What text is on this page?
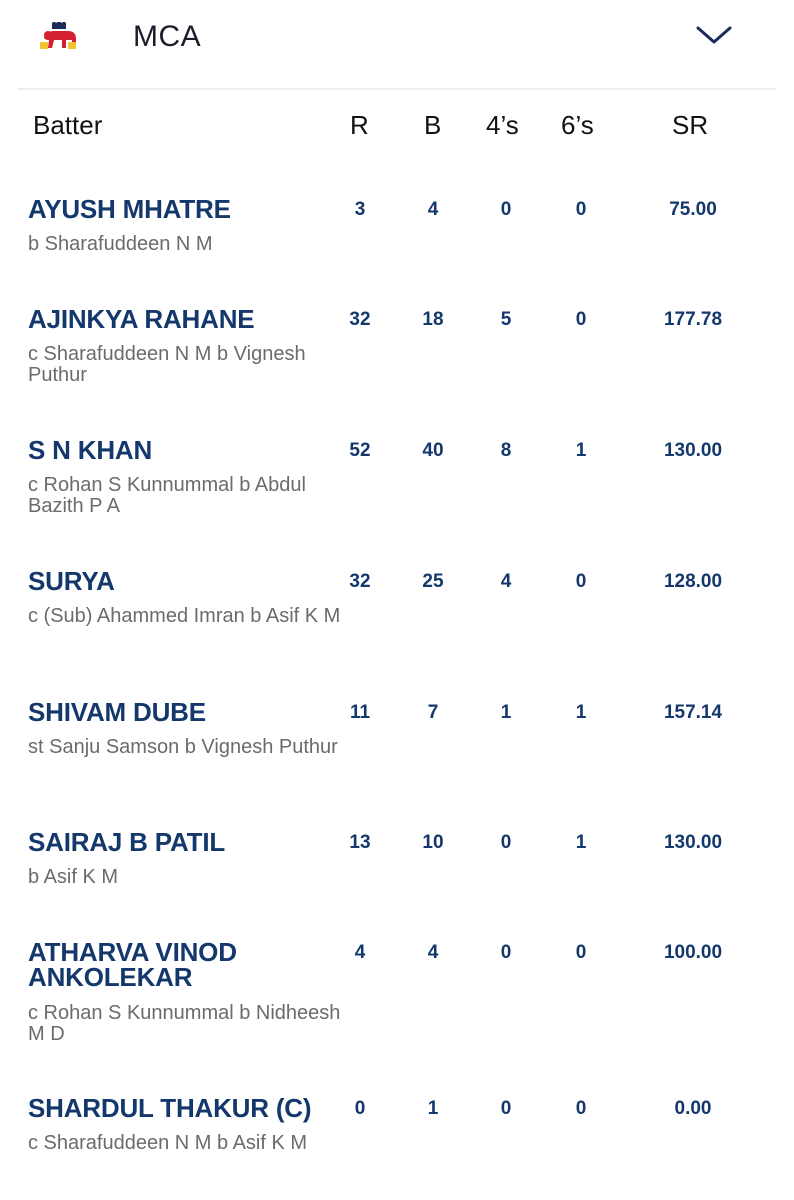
MCA
Batter	R B 4’s 6’s	SR
AYUSH MHATRE
b Sharafuddeen N M
3	4	0	0	75.00
AJINKYA RAHANE
c Sharafuddeen N M b Vignesh Puthur
32	18	5	0	177.78
S N KHAN
c Rohan S Kunnummal b Abdul Bazith P A
52	40	8	1	130.00
SURYA
c (Sub) Ahammed Imran b Asif K M
32	25	4	0	128.00
SHIVAM DUBE
st Sanju Samson b Vignesh Puthur
11	7	1	1	157.14
SAIRAJ B PATIL
b Asif K M
13	10	0	1	130.00
ATHARVA VINOD ANKOLEKAR
c Rohan S Kunnummal b Nidheesh M D
4	4	0	0	100.00
SHARDUL THAKUR (C)
c Sharafuddeen N M b Asif K M
0	1	0	0	0.00
